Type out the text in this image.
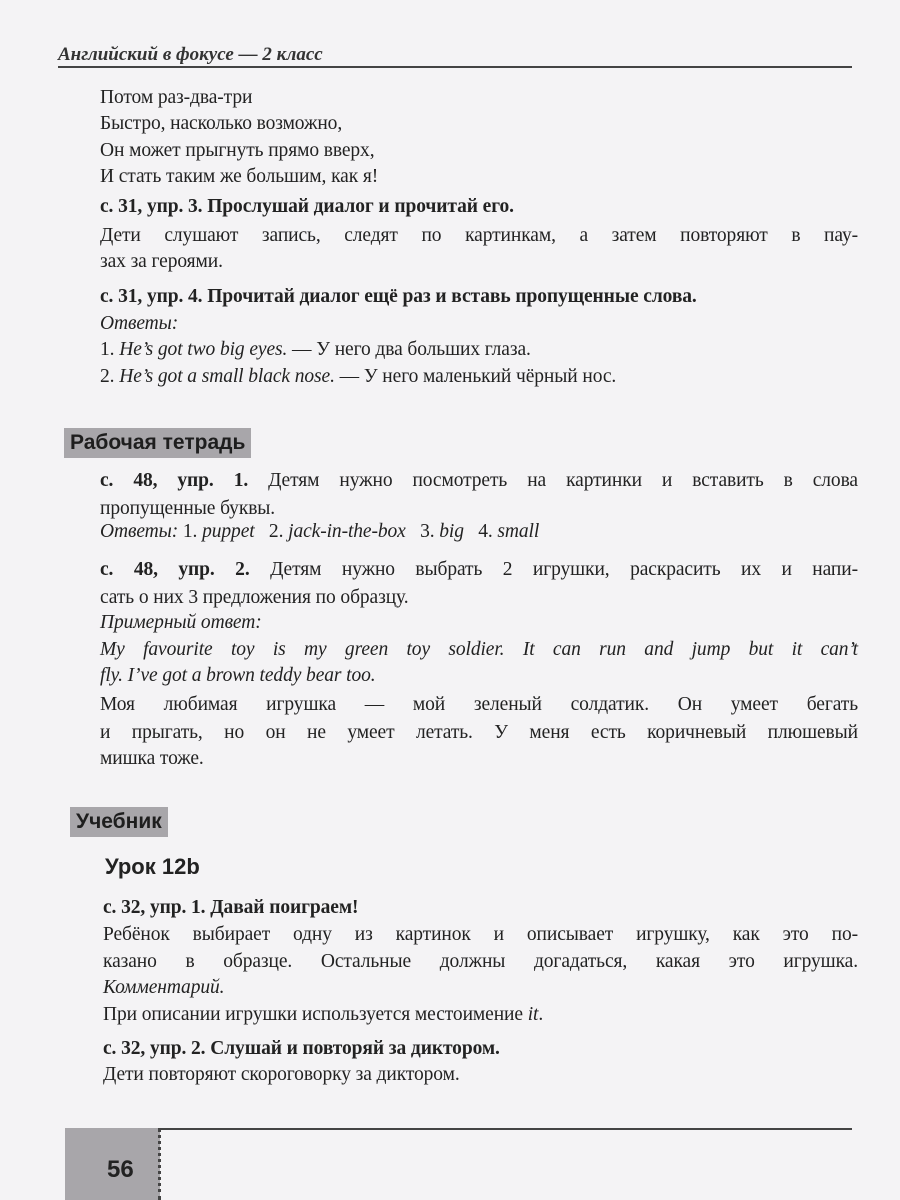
Английский в фокусе — 2 класс
Потом раз-два-три
Быстро, насколько возможно,
Он может прыгнуть прямо вверх,
И стать таким же большим, как я!
с. 31, упр. 3. Прослушай диалог и прочитай его.
Дети слушают запись, следят по картинкам, а затем повторяют в пау-
зах за героями.
с. 31, упр. 4. Прочитай диалог ещё раз и вставь пропущенные слова.
Ответы:
1. He’s got two big eyes. — У него два больших глаза.
2. He’s got a small black nose. — У него маленький чёрный нос.
Рабочая тетрадь
с. 48, упр. 1. Детям нужно посмотреть на картинки и вставить в слова
пропущенные буквы.
Ответы: 1. puppet 2. jack-in-the-box 3. big 4. small
с. 48, упр. 2. Детям нужно выбрать 2 игрушки, раскрасить их и напи-
сать о них 3 предложения по образцу.
Примерный ответ:
My favourite toy is my green toy soldier. It can run and jump but it can’t
fly. I’ve got a brown teddy bear too.
Моя любимая игрушка — мой зеленый солдатик. Он умеет бегать
и прыгать, но он не умеет летать. У меня есть коричневый плюшевый
мишка тоже.
Учебник
Урок 12b
с. 32, упр. 1. Давай поиграем!
Ребёнок выбирает одну из картинок и описывает игрушку, как это по-
казано в образце. Остальные должны догадаться, какая это игрушка.
Комментарий.
При описании игрушки используется местоимение it.
с. 32, упр. 2. Слушай и повторяй за диктором.
Дети повторяют скороговорку за диктором.
56
